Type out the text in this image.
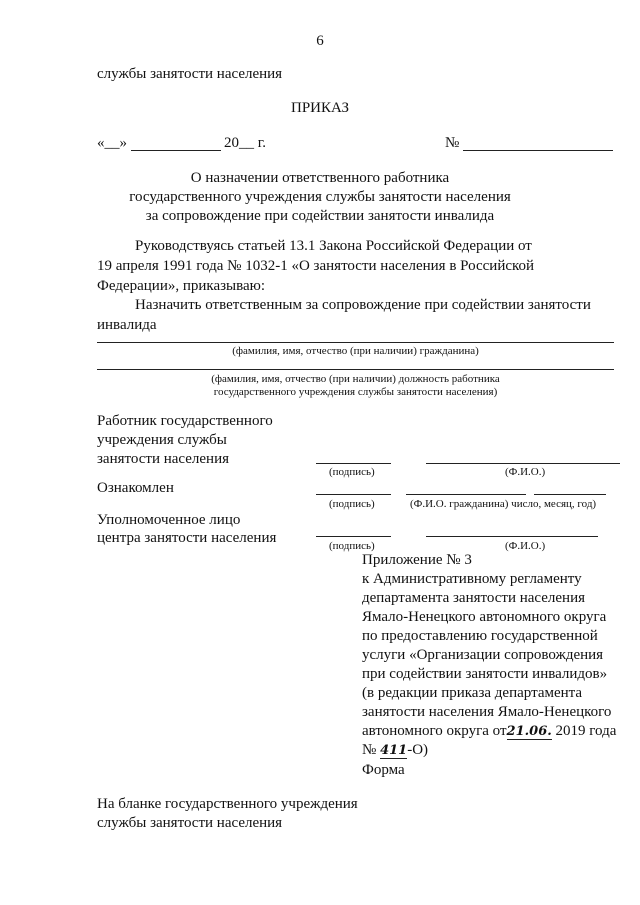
6
службы занятости населения
ПРИКАЗ
«__»	20__ г.	№
О назначении ответственного работника
государственного учреждения службы занятости населения
за сопровождение при содействии занятости инвалида
Руководствуясь статьей 13.1 Закона Российской Федерации от
19 апреля 1991 года № 1032-1 «О занятости населения в Российской
Федерации», приказываю:
Назначить ответственным за сопровождение при содействии занятости
инвалида
(фамилия, имя, отчество (при наличии) гражданина)
(фамилия, имя, отчество (при наличии) должность работника
государственного учреждения службы занятости населения)
Работник государственного
учреждения службы
занятости населения
(подпись)	(Ф.И.О.)
Ознакомлен
(подпись)	(Ф.И.О. гражданина) число, месяц, год)
Уполномоченное лицо
центра занятости населения	(подпись)	(Ф.И.О.)
Приложение № 3
к Административному регламенту
департамента занятости населения
Ямало-Ненецкого автономного округа
по предоставлению государственной
услуги «Организации сопровождения
при содействии занятости инвалидов»
(в редакции приказа департамента
занятости населения Ямало-Ненецкого
автономного округа от21.06. 2019 года
№ 411-О)
Форма
На бланке государственного учреждения
службы занятости населения
